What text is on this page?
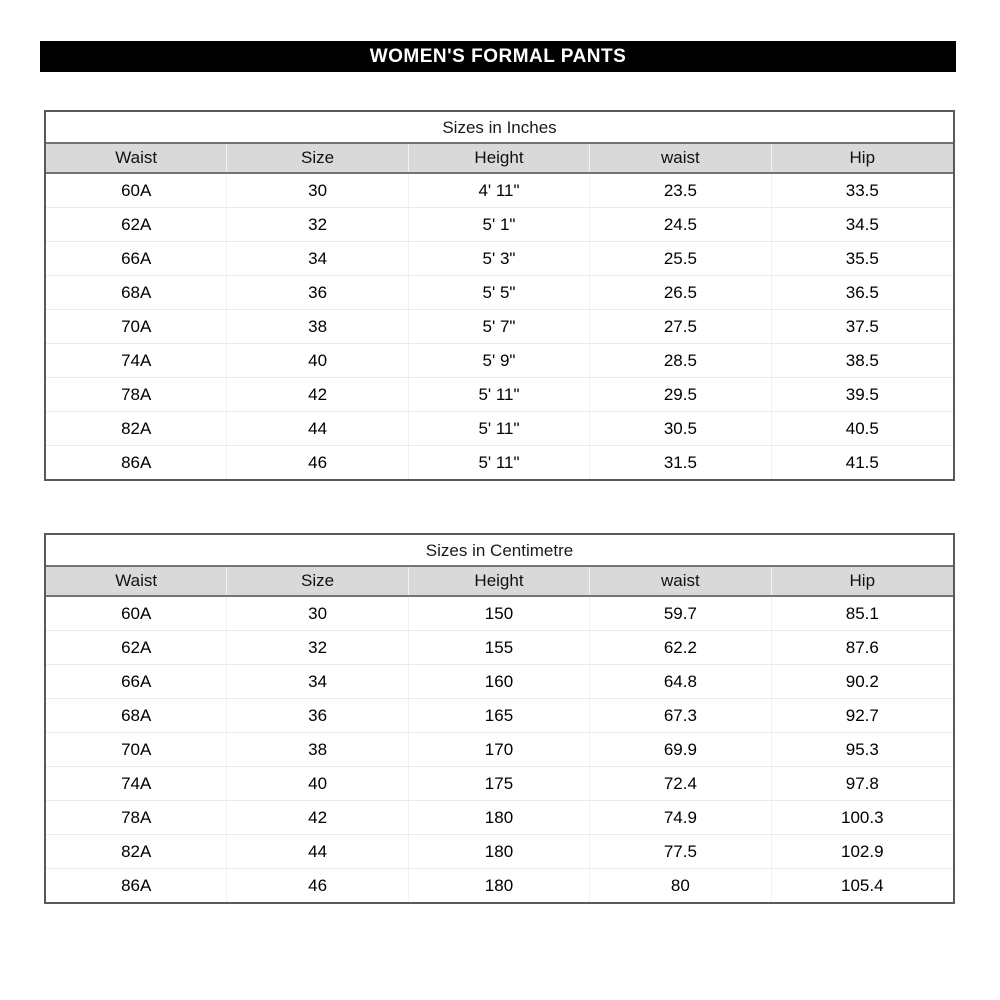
WOMEN'S FORMAL PANTS
Sizes in Inches
Waist	Size	Height	waist	Hip
60A	30	4' 11"	23.5	33.5
62A	32	5' 1"	24.5	34.5
66A	34	5' 3"	25.5	35.5
68A	36	5' 5"	26.5	36.5
70A	38	5' 7"	27.5	37.5
74A	40	5' 9"	28.5	38.5
78A	42	5' 11"	29.5	39.5
82A	44	5' 11"	30.5	40.5
86A	46	5' 11"	31.5	41.5
Sizes in Centimetre
Waist	Size	Height	waist	Hip
60A	30	150	59.7	85.1
62A	32	155	62.2	87.6
66A	34	160	64.8	90.2
68A	36	165	67.3	92.7
70A	38	170	69.9	95.3
74A	40	175	72.4	97.8
78A	42	180	74.9	100.3
82A	44	180	77.5	102.9
86A	46	180	80	105.4
